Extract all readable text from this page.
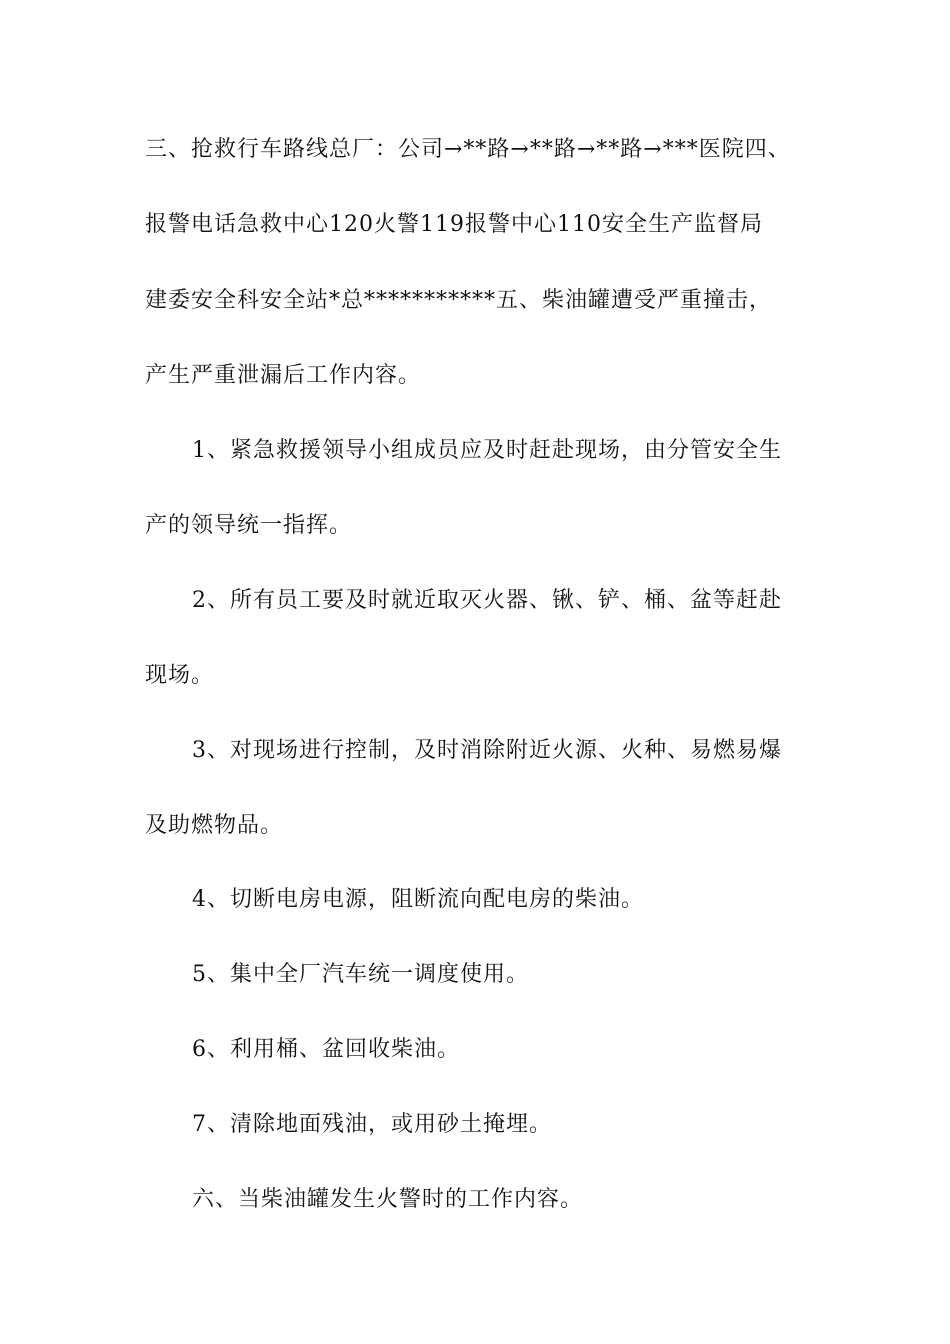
三、抢救行车路线总厂：公司→**路→**路→**路→***医院四、
报警电话急救中心120火警119报警中心110安全生产监督局
建委安全科安全站*总***********五、柴油罐遭受严重撞击，
产生严重泄漏后工作内容。
1、紧急救援领导小组成员应及时赶赴现场，由分管安全生
产的领导统一指挥。
2、所有员工要及时就近取灭火器、锹、铲、桶、盆等赶赴
现场。
3、对现场进行控制，及时消除附近火源、火种、易燃易爆
及助燃物品。
4、切断电房电源，阻断流向配电房的柴油。
5、集中全厂汽车统一调度使用。
6、利用桶、盆回收柴油。
7、清除地面残油，或用砂土掩埋。
六、当柴油罐发生火警时的工作内容。
